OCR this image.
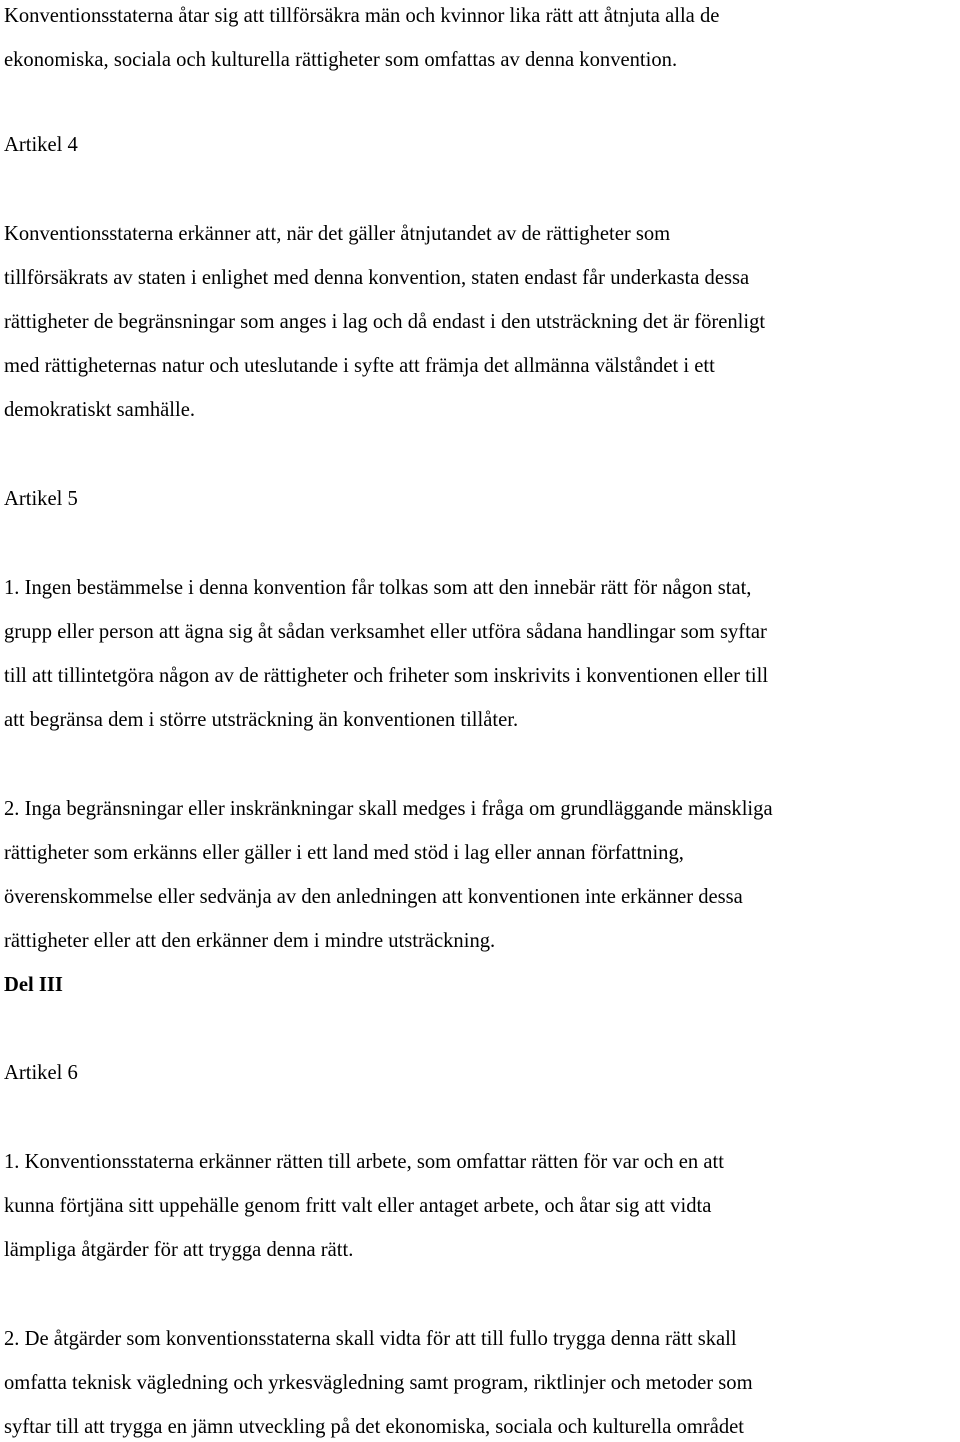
Konventionsstaterna åtar sig att tillförsäkra män och kvinnor lika rätt att åtnjuta alla de

ekonomiska, sociala och kulturella rättigheter som omfattas av denna konvention.

Artikel 4

Konventionsstaterna erkänner att, när det gäller åtnjutandet av de rättigheter som

tillförsäkrats av staten i enlighet med denna konvention, staten endast får underkasta dessa

rättigheter de begränsningar som anges i lag och då endast i den utsträckning det är förenligt

med rättigheternas natur och uteslutande i syfte att främja det allmänna välståndet i ett

demokratiskt samhälle.

Artikel 5

1. Ingen bestämmelse i denna konvention får tolkas som att den innebär rätt för någon stat,

grupp eller person att ägna sig åt sådan verksamhet eller utföra sådana handlingar som syftar

till att tillintetgöra någon av de rättigheter och friheter som inskrivits i konventionen eller till

att begränsa dem i större utsträckning än konventionen tillåter.

2. Inga begränsningar eller inskränkningar skall medges i fråga om grundläggande mänskliga

rättigheter som erkänns eller gäller i ett land med stöd i lag eller annan författning,

överenskommelse eller sedvänja av den anledningen att konventionen inte erkänner dessa

rättigheter eller att den erkänner dem i mindre utsträckning.

Del III
Artikel 6

1. Konventionsstaterna erkänner rätten till arbete, som omfattar rätten för var och en att

kunna förtjäna sitt uppehälle genom fritt valt eller antaget arbete, och åtar sig att vidta

lämpliga åtgärder för att trygga denna rätt.

2. De åtgärder som konventionsstaterna skall vidta för att till fullo trygga denna rätt skall

omfatta teknisk vägledning och yrkesvägledning samt program, riktlinjer och metoder som

syftar till att trygga en jämn utveckling på det ekonomiska, sociala och kulturella området
